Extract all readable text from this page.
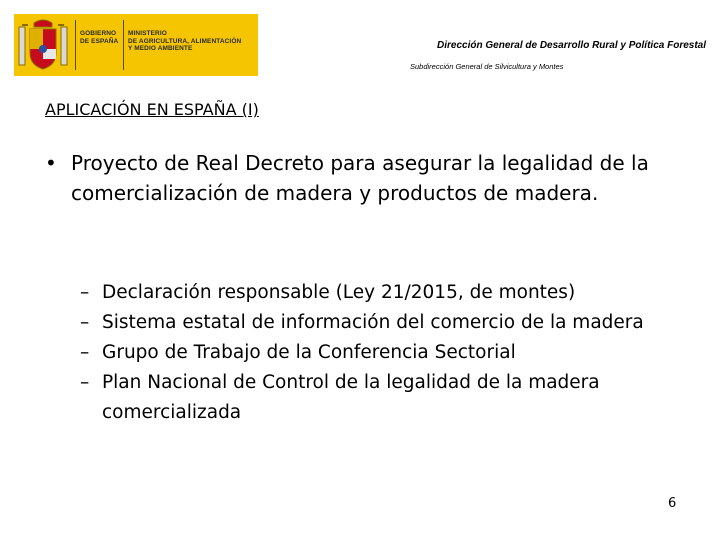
GOBIERNO
DE ESPAÑA
MINISTERIO
DE AGRICULTURA, ALIMENTACIÓN
Y MEDIO AMBIENTE	Dirección General de Desarrollo Rural y Política Forestal
Subdirección General de Silvicultura y Montes
APLICACIÓN EN ESPAÑA (I)
• Proyecto de Real Decreto para asegurar la legalidad de la comercialización de madera y productos de madera.
– Declaración responsable (Ley 21/2015, de montes)
– Sistema estatal de información del comercio de la madera
– Grupo de Trabajo de la Conferencia Sectorial
– Plan Nacional de Control de la legalidad de la madera comercializada
6
